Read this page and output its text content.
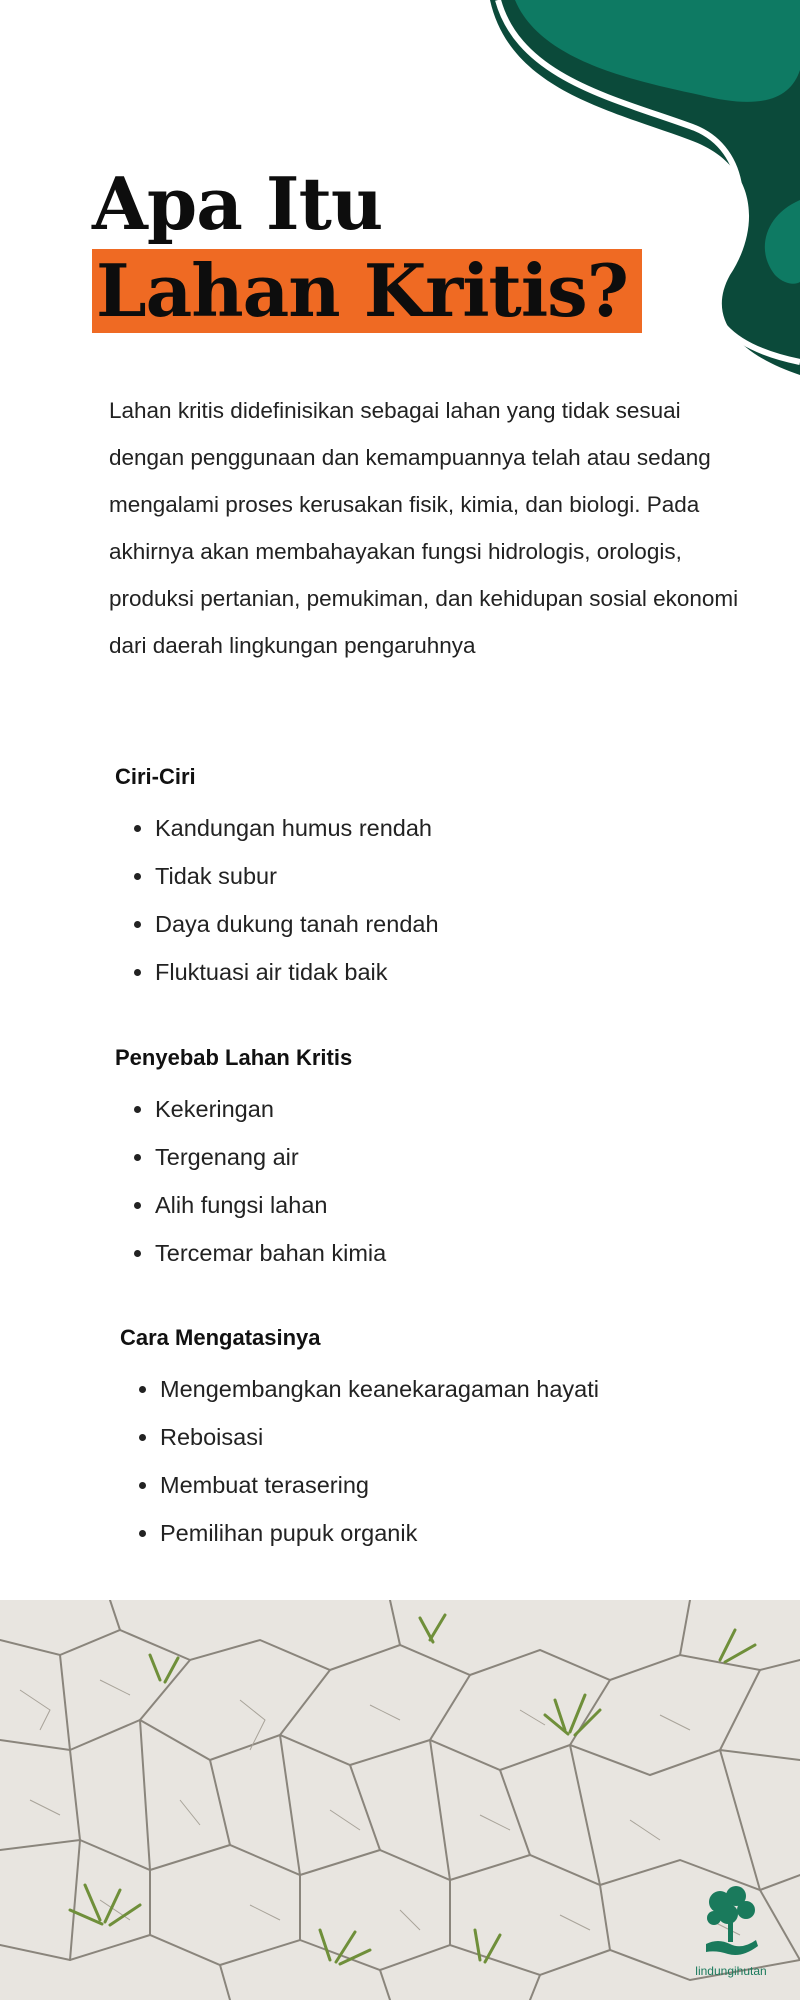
Apa Itu
Lahan Kritis?

Lahan kritis didefinisikan sebagai lahan yang tidak sesuai dengan penggunaan dan kemampuannya telah atau sedang mengalami proses kerusakan fisik, kimia, dan biologi. Pada akhirnya akan membahayakan fungsi hidrologis, orologis, produksi pertanian, pemukiman, dan kehidupan sosial ekonomi dari daerah lingkungan pengaruhnya

Ciri-Ciri
• Kandungan humus rendah
• Tidak subur
• Daya dukung tanah rendah
• Fluktuasi air tidak baik
Penyebab Lahan Kritis
• Kekeringan
• Tergenang air
• Alih fungsi lahan
• Tercemar bahan kimia
Cara Mengatasinya
• Mengembangkan keanekaragaman hayati
• Reboisasi
• Membuat terasering
• Pemilihan pupuk organik
lindungihutan
